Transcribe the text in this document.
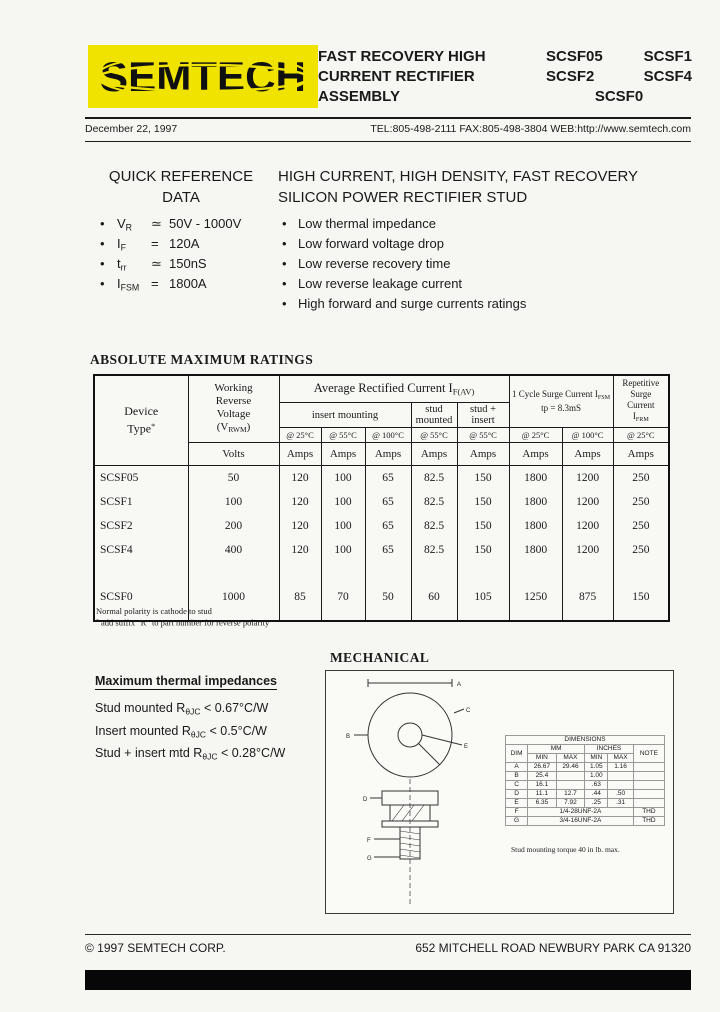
SEMTECH FAST RECOVERY HIGH CURRENT RECTIFIER ASSEMBLY
SCSF05	SCSF1
SCSF2	SCSF4
SCSF0
December 22, 1997	TEL:805-498-2111 FAX:805-498-3804 WEB:http://www.semtech.com
QUICK REFERENCE
DATA
• $V_R$	≃ 50V - 1000V
• $I_F$	= 120A
• $t_{rr}$	≃ 150nS
• $I_{FSM} = 1800A$
HIGH CURRENT, HIGH DENSITY, FAST RECOVERY SILICON POWER RECTIFIER STUD
• Low thermal impedance
• Low forward voltage drop
• Low reverse recovery time
• Low reverse leakage current
• High forward and surge currents ratings
ABSOLUTE MAXIMUM RATINGS
Device
Type*

Working
Reverse
Voltage
$(V_{RWM})$
	Average Rectified Current $I_{F(AV)}$	1 Cycle Surge Current $I_{FSM}$
tp = 8.3mS

Repetitive Surge Current
$I_{FRM}$

		insert mounting			stud mounted	stud + insert			
		@ 25°C	@ 55°C	@ 100°C	@ 55°C	@ 55°C	@ 25°C	@ 100°C	@ 25°C
	Volts	Amps	Amps	Amps	Amps	Amps	Amps	Amps	Amps
SCSF05	50	120	100	65	82.5	150	1800	1200	250
SCSF1	100	120	100	65	82.5	150	1800	1200	250
SCSF2	200	120	100	65	82.5	150	1800	1200	250
SCSF4	400	120	100	65	82.5	150	1800	1200	250
SCSF0	1000	85	70	50	60	105	1250	875	150
Normal polarity is cathode to stud
* add suffix "R" to part number for reverse polarity
MECHANICAL
Maximum thermal impedances
Stud mounted $R_{\theta JC} < 0.67^\circ C/W$
Insert mounted $R_{\theta JC} < 0.5^\circ C/W$
Stud + insert mtd $R_{\theta JC} < 0.28^\circ C/W$
A
C
E
B
D
F
G
DIMENSIONS					
DIM	MM		INCHES		NOTE
	MIN	MAX	MIN	MAX	
A	26.67	29.46	1.05	1.16	
B	25.4		1.00		
C	16.1		.63		
D	11.1	12.7	.44	.50	
E	6.35	7.92	.25	.31	
F	1/4-28UNF-2A				THD
G	3/4-16UNF-2A				THD
Stud mounting torque 40 in lb. max.
© 1997 SEMTECH CORP.	652 MITCHELL ROAD NEWBURY PARK CA 91320
